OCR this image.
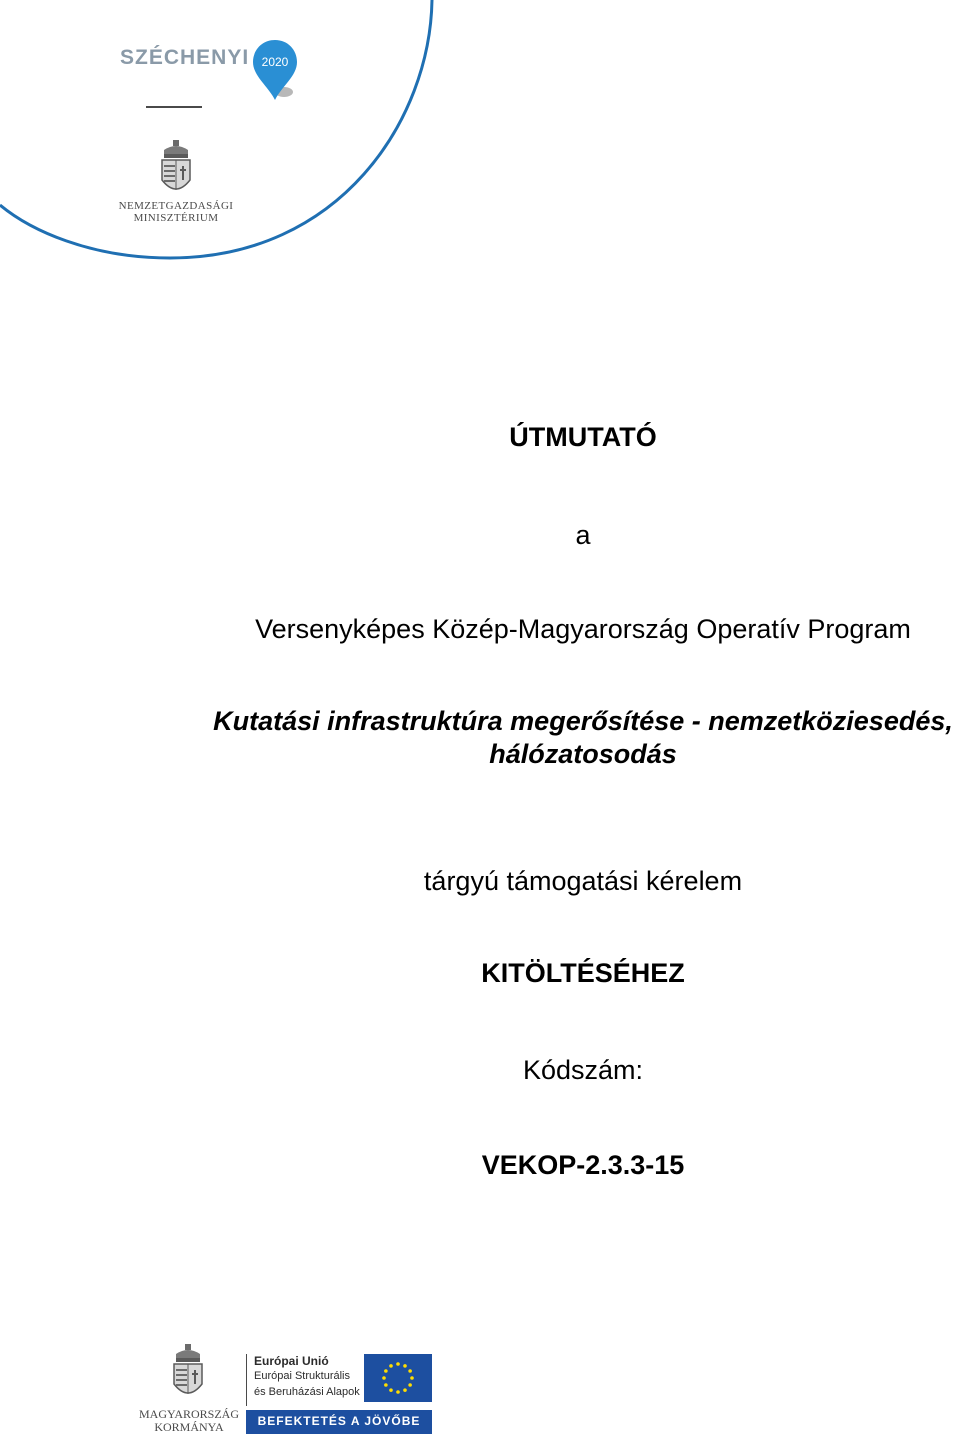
SZÉCHENYI 2020
NEMZETGAZDASÁGI
MINISZTÉRIUM
ÚTMUTATÓ
a
Versenyképes Közép-Magyarország Operatív Program
Kutatási infrastruktúra megerősítése - nemzetköziesedés,
hálózatosodás
tárgyú támogatási kérelem
KITÖLTÉSÉHEZ
Kódszám:
VEKOP-2.3.3-15
MAGYARORSZÁG
KORMÁNYA
Európai Unió
Európai Strukturális
és Beruházási Alapok
BEFEKTETÉS A JÖVŐBE
